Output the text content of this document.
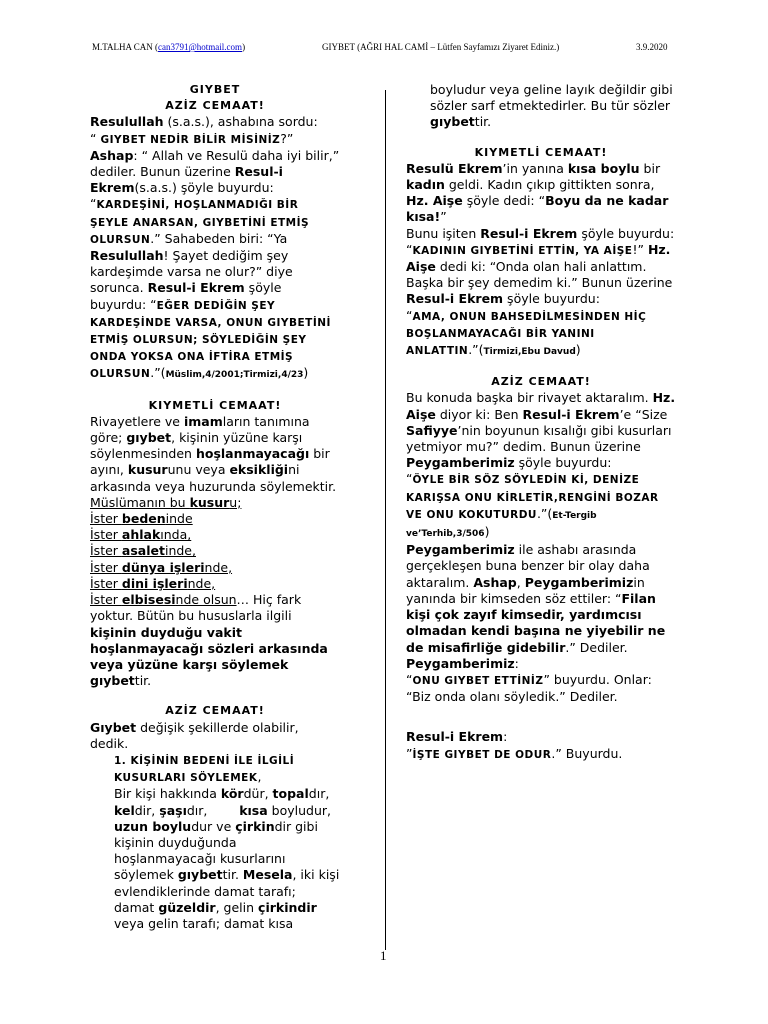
M.TALHA CAN (can3791@hotmail.com)	GIYBET (AĞRI HAL CAMİ – Lütfen Sayfamızı Ziyaret Ediniz.)	3.9.2020

GIYBET

AZİZ CEMAAT!

Resulullah (s.a.s.), ashabına sordu:
“ GIYBET NEDİR BİLİR MİSİNİZ?”
Ashap: “ Allah ve Resulü daha iyi bilir,” dediler. Bunun üzerine Resul-i Ekrem(s.a.s.) şöyle buyurdu:
“KARDEŞİNİ, HOŞLANMADIĞI BİR ŞEYLE ANARSAN, GIYBETİNİ ETMİŞ OLURSUN.” Sahabeden biri: “Ya Resulullah! Şayet dediğim şey kardeşimde varsa ne olur?” diye sorunca. Resul-i Ekrem şöyle buyurdu: “EĞER DEDİĞİN ŞEY KARDEŞİNDE VARSA, ONUN GIYBETİNİ ETMİŞ OLURSUN; SÖYLEDİĞİN ŞEY ONDA YOKSA ONA İFTİRA ETMİŞ OLURSUN.”(Müslim,4/2001;Tirmizi,4/23)

KIYMETLİ CEMAAT!

Rivayetlere ve imamların tanımına göre; gıybet, kişinin yüzüne karşı söylenmesinden hoşlanmayacağı bir ayını, kusurunu veya eksikliğini arkasında veya huzurunda söylemektir. Müslümanın bu kusuru;

İster bedeninde

İster ahlakında,

İster asaletinde,

İster dünya işlerinde,

İster dini işlerinde,

İster elbisesinde olsun… Hiç fark yoktur. Bütün bu hususlarla ilgili kişinin duyduğu vakit hoşlanmayacağı sözleri arkasında veya yüzüne karşı söylemek gıybettir.

AZİZ CEMAAT!

Gıybet değişik şekillerde olabilir, dedik.

1. KİŞİNİN BEDENİ İLE İLGİLİ KUSURLARI SÖYLEMEK,

Bir kişi hakkında kördür, topaldır, keldir, şaşıdır,	kısa boyludur, uzun boyludur ve çirkindir gibi kişinin duyduğunda hoşlanmayacağı kusurlarını söylemek gıybettir. Mesela, iki kişi evlendiklerinde damat tarafı; damat güzeldir, gelin çirkindir veya gelin tarafı; damat kısa

boyludur veya geline layık değildir gibi sözler sarf etmektedirler. Bu tür sözler gıybettir.

KIYMETLİ CEMAAT!

Resulü Ekrem’in yanına kısa boylu bir kadın geldi. Kadın çıkıp gittikten sonra, Hz. Aişe şöyle dedi: “Boyu da ne kadar kısa!”
Bunu işiten Resul-i Ekrem şöyle buyurdu:
“KADININ GIYBETİNİ ETTİN, YA AİŞE!” Hz. Aişe dedi ki: “Onda olan hali anlattım. Başka bir şey demedim ki.” Bunun üzerine Resul-i Ekrem şöyle buyurdu:
“AMA, ONUN BAHSEDİLMESİNDEN HİÇ BOŞLANMAYACAĞI BİR YANINI ANLATTIN.”(Tirmizi,Ebu Davud)

AZİZ CEMAAT!

Bu konuda başka bir rivayet aktaralım. Hz. Aişe diyor ki: Ben Resul-i Ekrem’e “Size Safiyye’nin boyunun kısalığı gibi kusurları yetmiyor mu?” dedim. Bunun üzerine Peygamberimiz şöyle buyurdu:
“ÖYLE BİR SÖZ SÖYLEDİN Kİ, DENİZE KARIŞSA ONU KİRLETİR,RENGİNİ BOZAR VE ONU KOKUTURDU.”(Et-Tergib ve’Terhib,3/506)
Peygamberimiz ile ashabı arasında gerçekleşen buna benzer bir olay daha aktaralım. Ashap, Peygamberimizin yanında bir kimseden söz ettiler: “Filan kişi çok zayıf kimsedir, yardımcısı olmadan kendi başına ne yiyebilir ne de misafirliğe gidebilir.” Dediler. Peygamberimiz:
“ONU GIYBET ETTİNİZ” buyurdu. Onlar:
“Biz onda olanı söyledik.” Dediler.

Resul-i Ekrem:
”İŞTE GIYBET DE ODUR.” Buyurdu.

1
